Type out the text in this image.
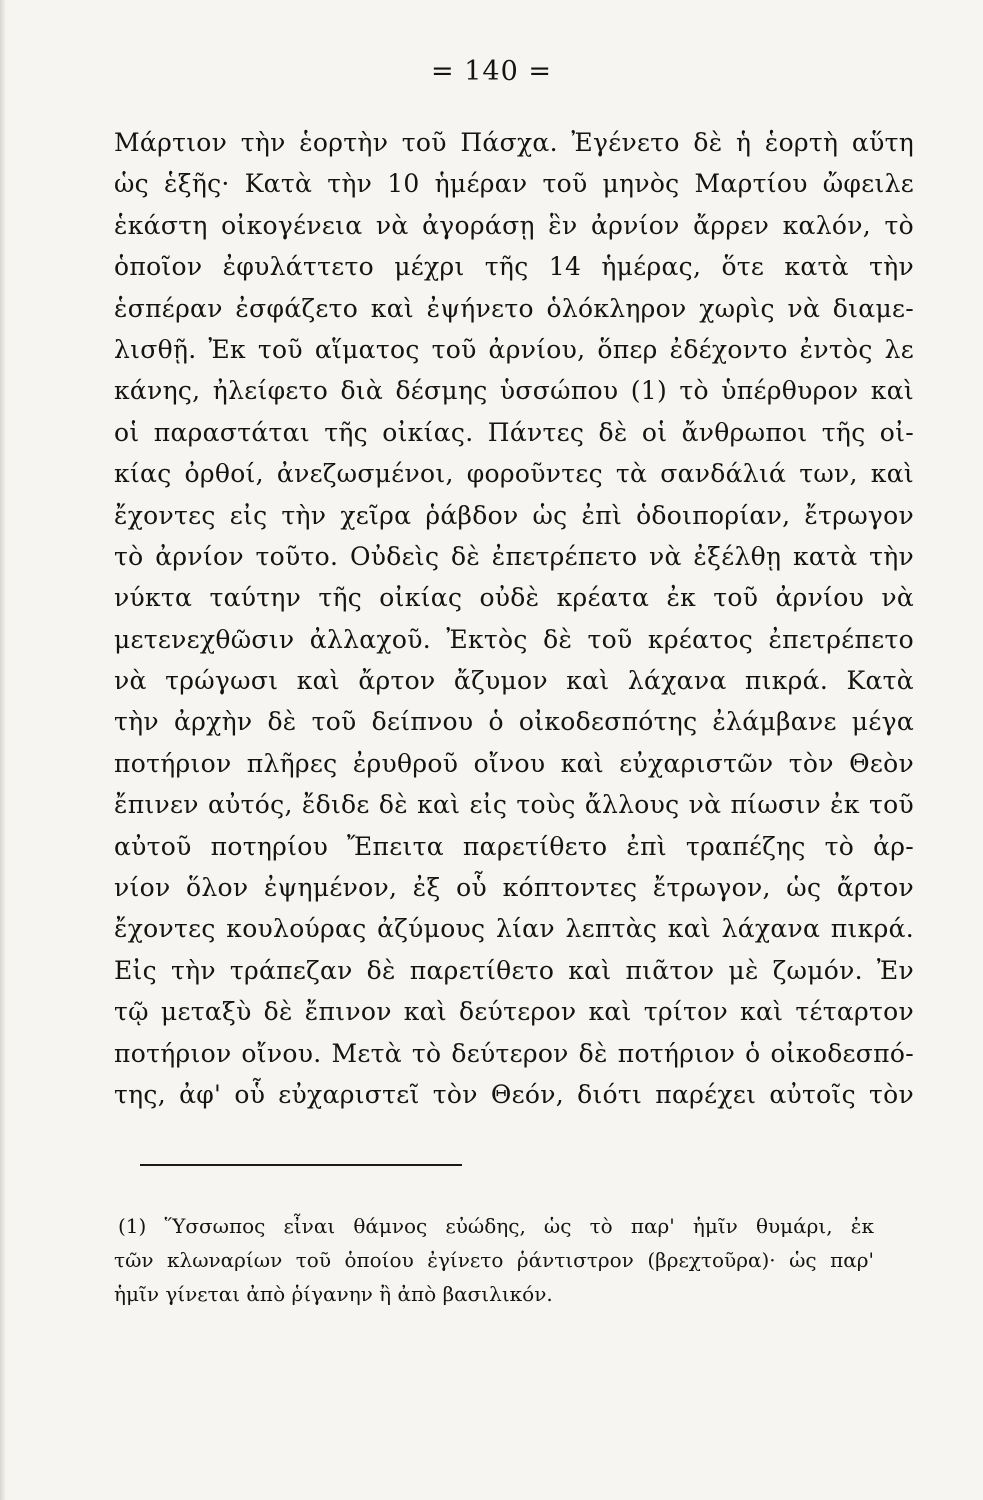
= 140 =
Μάρτιον τὴν ἑορτὴν τοῦ Πάσχα. Ἐγένετο δὲ ἡ ἑορτὴ αὕτη
ὡς ἑξῆς· Κατὰ τὴν 10 ἡμέραν τοῦ μηνὸς Μαρτίου ὤφειλε
ἑκάστη οἰκογένεια νὰ ἀγοράσῃ ἓν ἀρνίον ἄρρεν καλόν, τὸ
ὁποῖον ἐφυλάττετο μέχρι τῆς 14 ἡμέρας, ὅτε κατὰ τὴν
ἑσπέραν ἐσφάζετο καὶ ἐψήνετο ὁλόκληρον χωρὶς νὰ διαμε-
λισθῇ. Ἐκ τοῦ αἵματος τοῦ ἀρνίου, ὅπερ ἐδέχοντο ἐντὸς λε
κάνης, ἠλείφετο διὰ δέσμης ὑσσώπου (1) τὸ ὑπέρθυρον καὶ
οἱ παραστάται τῆς οἰκίας. Πάντες δὲ οἱ ἄνθρωποι τῆς οἰ-
κίας ὀρθοί, ἀνεζωσμένοι, φοροῦντες τὰ σανδάλιά των, καὶ
ἔχοντες εἰς τὴν χεῖρα ῥάβδον ὡς ἐπὶ ὁδοιπορίαν, ἔτρωγον
τὸ ἀρνίον τοῦτο. Οὐδεὶς δὲ ἐπετρέπετο νὰ ἐξέλθῃ κατὰ τὴν
νύκτα ταύτην τῆς οἰκίας οὐδὲ κρέατα ἐκ τοῦ ἀρνίου νὰ
μετενεχθῶσιν ἀλλαχοῦ. Ἐκτὸς δὲ τοῦ κρέατος ἐπετρέπετο
νὰ τρώγωσι καὶ ἄρτον ἄζυμον καὶ λάχανα πικρά. Κατὰ
τὴν ἀρχὴν δὲ τοῦ δείπνου ὁ οἰκοδεσπότης ἐλάμβανε μέγα
ποτήριον πλῆρες ἐρυθροῦ οἴνου καὶ εὐχαριστῶν τὸν Θεὸν
ἔπινεν αὐτός, ἔδιδε δὲ καὶ εἰς τοὺς ἄλλους νὰ πίωσιν ἐκ τοῦ
αὐτοῦ ποτηρίου Ἔπειτα παρετίθετο ἐπὶ τραπέζης τὸ ἀρ-
νίον ὅλον ἐψημένον, ἐξ οὗ κόπτοντες ἔτρωγον, ὡς ἄρτον
ἔχοντες κουλούρας ἀζύμους λίαν λεπτὰς καὶ λάχανα πικρά.
Εἰς τὴν τράπεζαν δὲ παρετίθετο καὶ πιᾶτον μὲ ζωμόν. Ἐν
τῷ μεταξὺ δὲ ἔπινον καὶ δεύτερον καὶ τρίτον καὶ τέταρτον
ποτήριον οἴνου. Μετὰ τὸ δεύτερον δὲ ποτήριον ὁ οἰκοδεσπό-
της, ἀφ' οὗ εὐχαριστεῖ τὸν Θεόν, διότι παρέχει αὐτοῖς τὸν
(1) Ὕσσωπος εἶναι θάμνος εὐώδης, ὡς τὸ παρ' ἡμῖν θυμάρι, ἐκ
τῶν κλωναρίων τοῦ ὁποίου ἐγίνετο ῥάντιστρον (βρεχτοῦρα)· ὡς παρ'
ἡμῖν γίνεται ἀπὸ ῥίγανην ἢ ἀπὸ βασιλικόν.
